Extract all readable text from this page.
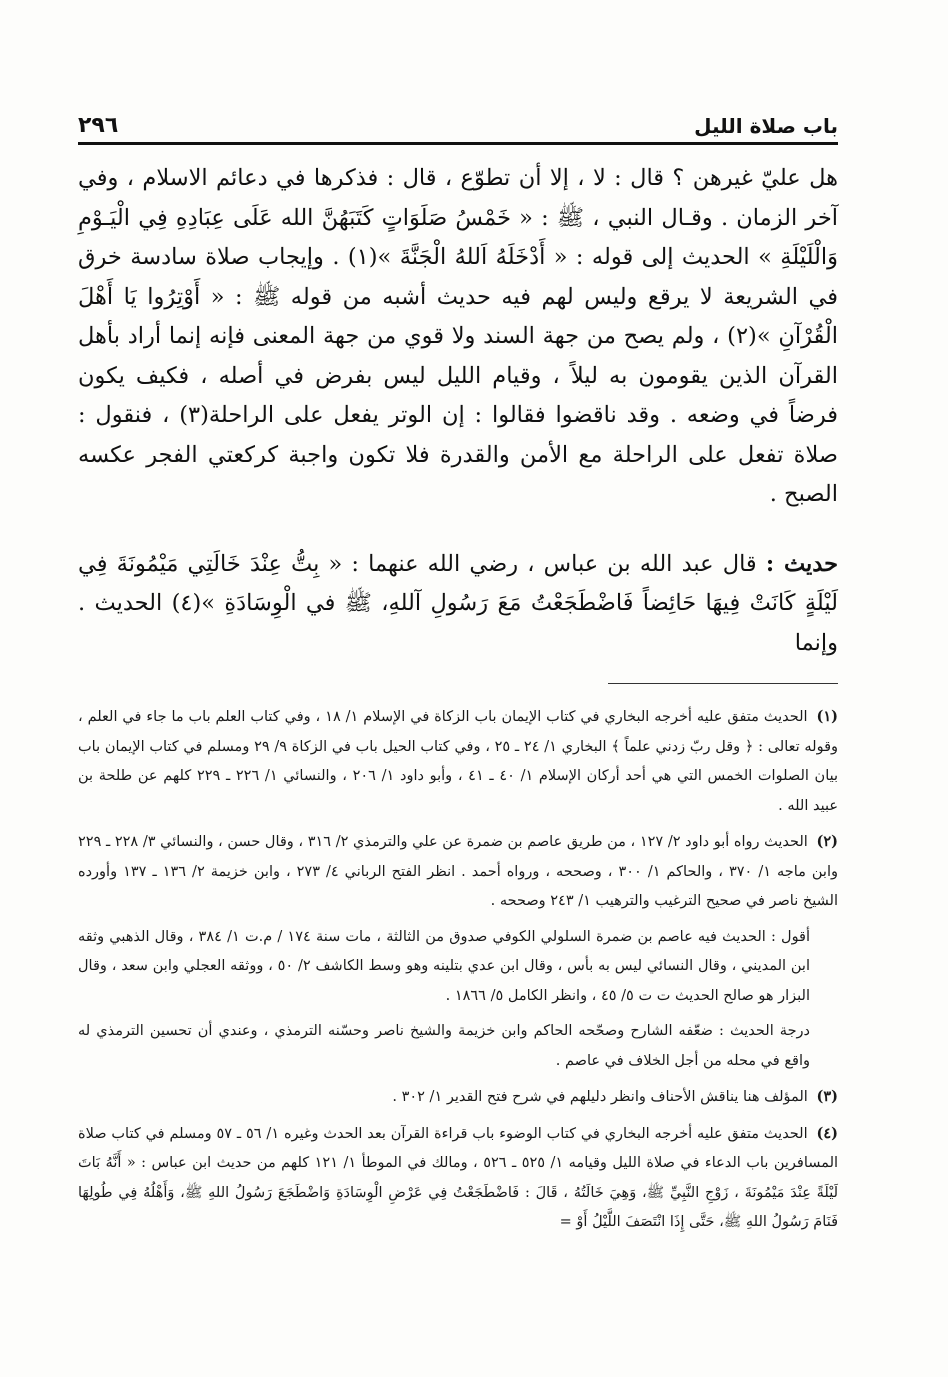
باب صلاة الليل
٢٩٦
هل عليّ غيرهن ؟ قال : لا ، إلا أن تطوّع ، قال : فذكرها في دعائم الاسلام ، وفي آخر الزمان . وقـال النبي ، ﷺ : « خَمْسُ صَلَوَاتٍ كَتَبَهُنَّ الله عَلَى عِبَادِهِ فِي الْيَـوْمِ وَالْلَيْلَةِ » الحديث إلى قوله : « أَدْخَلَهُ اَللهُ الْجَنَّةَ »(١) . وإيجاب صلاة سادسة خرق في الشريعة لا يرقع وليس لهم فيه حديث أشبه من قوله ﷺ : « أَوْتِرُوا يَا أَهْلَ الْقُرْآنِ »(٢) ، ولم يصح من جهة السند ولا قوي من جهة المعنى فإنه إنما أراد بأهل القرآن الذين يقومون به ليلاً ، وقيام الليل ليس بفرض في أصله ، فكيف يكون فرضاً في وضعه . وقد ناقضوا فقالوا : إن الوتر يفعل على الراحلة(٣) ، فنقول : صلاة تفعل على الراحلة مع الأمن والقدرة فلا تكون واجبة كركعتي الفجر عكسه الصبح .
حديث : قال عبد الله بن عباس ، رضي الله عنهما : « بِتُّ عِنْدَ خَالَتِي مَيْمُونَةَ فِي لَيْلَةٍ كَانَتْ فِيهَا حَائِضاً فَاضْطَجَعْتُ مَعَ رَسُولِ آللهِ، ﷺ في الْوِسَادَةِ »(٤) الحديث . وإنما
(١) الحديث متفق عليه أخرجه البخاري في كتاب الإيمان باب الزكاة في الإسلام ١/ ١٨ ، وفي كتاب العلم باب ما جاء في العلم ، وقوله تعالى : ﴿ وقل ربّ زدني علماً ﴾ البخاري ١/ ٢٤ ـ ٢٥ ، وفي كتاب الحيل باب في الزكاة ٩/ ٢٩ ومسلم في كتاب الإيمان باب بيان الصلوات الخمس التي هي أحد أركان الإسلام ١/ ٤٠ ـ ٤١ ، وأبو داود ١/ ٢٠٦ ، والنسائي ١/ ٢٢٦ ـ ٢٢٩ كلهم عن طلحة بن عبيد الله .
(٢) الحديث رواه أبو داود ٢/ ١٢٧ ، من طريق عاصم بن ضمرة عن علي والترمذي ٢/ ٣١٦ ، وقال حسن ، والنسائي ٣/ ٢٢٨ ـ ٢٢٩ وابن ماجه ١/ ٣٧٠ ، والحاكم ١/ ٣٠٠ ، وصححه ، ورواه أحمد . انظر الفتح الرباني ٤/ ٢٧٣ ، وابن خزيمة ٢/ ١٣٦ ـ ١٣٧ وأورده الشيخ ناصر في صحيح الترغيب والترهيب ١/ ٢٤٣ وصححه .
أقول : الحديث فيه عاصم بن ضمرة السلولي الكوفي صدوق من الثالثة ، مات سنة ١٧٤ / م.ت ١/ ٣٨٤ ، وقال الذهبي وثقه ابن المديني ، وقال النسائي ليس به بأس ، وقال ابن عدي بتلينه وهو وسط الكاشف ٢/ ٥٠ ، ووثقه العجلي وابن سعد ، وقال البزار هو صالح الحديث ت ت ٥/ ٤٥ ، وانظر الكامل ٥/ ١٨٦٦ .
درجة الحديث : ضعّفه الشارح وصحّحه الحاكم وابن خزيمة والشيخ ناصر وحسّنه الترمذي ، وعندي أن تحسين الترمذي له واقع في محله من أجل الخلاف في عاصم .
(٣) المؤلف هنا يناقش الأحناف وانظر دليلهم في شرح فتح القدير ١/ ٣٠٢ .
(٤) الحديث متفق عليه أخرجه البخاري في كتاب الوضوء باب قراءة القرآن بعد الحدث وغيره ١/ ٥٦ ـ ٥٧ ومسلم في كتاب صلاة المسافرين باب الدعاء في صلاة الليل وقيامه ١/ ٥٢٥ ـ ٥٢٦ ، ومالك في الموطأ ١/ ١٢١ كلهم من حديث ابن عباس : « أَنَّهُ بَاتَ لَيْلَةً عِنْدَ مَيْمُونَةَ ، زَوْجِ النَّبِيِّ ﷺ، وَهِيَ خَالَتُهُ ، قَالَ : فَاضْطَجَعْتُ فِي عَرْضِ الْوِسَادَةِ وَاضْطَجَعَ رَسُولُ اللهِ ﷺ، وَأَهْلُهُ فِي طُولِهَا فَنَامَ رَسُولُ اللهِ ﷺ، حَتَّى إِذَا انْتَصَفَ اللَّيْلُ أَوْ =
